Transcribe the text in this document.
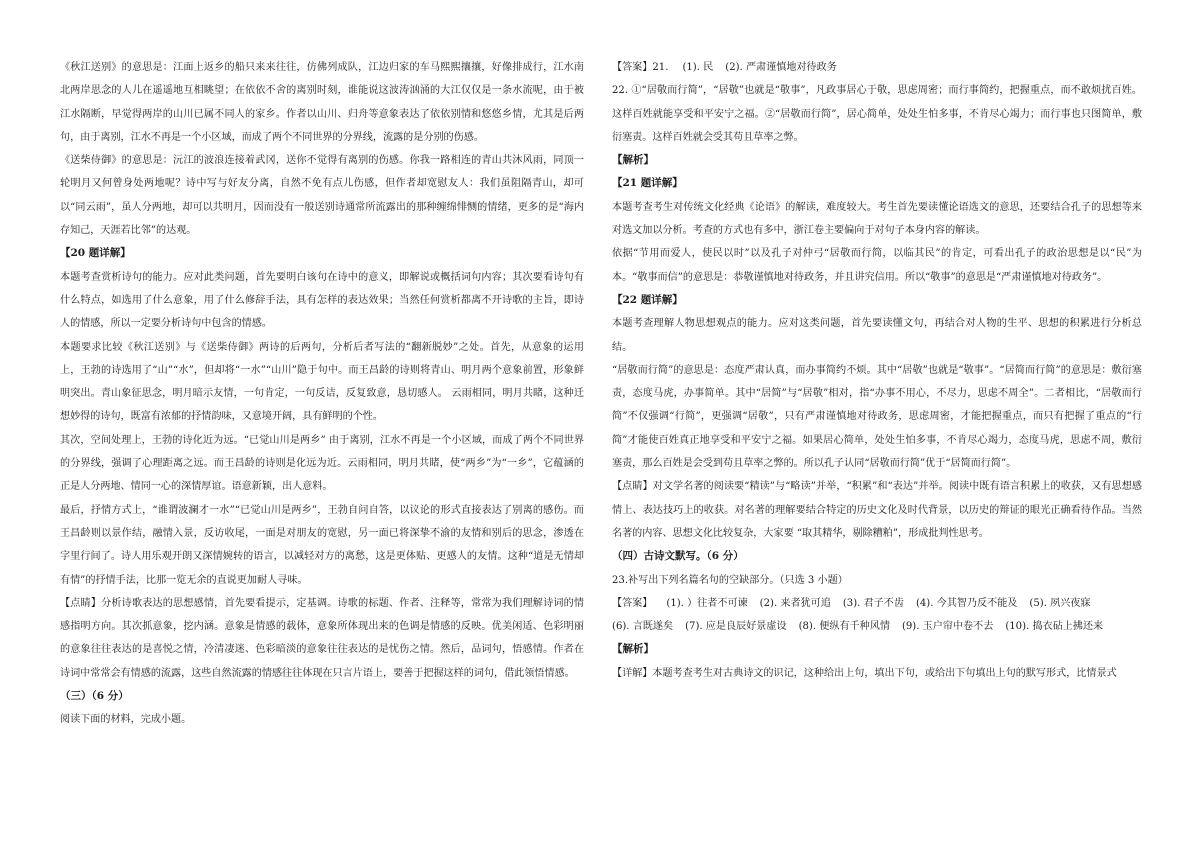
《秋江送别》的意思是：江面上返乡的船只来来往往，仿佛列成队，江边归家的车马熙熙攘攘，好像排成行，江水南北两岸思念的人儿在遥遥地互相眺望；在依依不舍的离别时刻，谁能说这波涛汹涌的大江仅仅是一条水流呢，由于被江水隔断，早觉得两岸的山川已属不同人的家乡。作者以山川、归舟等意象表达了依依别情和悠悠乡情，尤其是后两句，由于离别，江水不再是一个小区域，而成了两个不同世界的分界线，流露的是分别的伤感。
《送柴侍御》的意思是：沅江的波浪连接着武冈，送你不觉得有离别的伤感。你我一路相连的青山共沐风雨，同顶一轮明月又何曾身处两地呢？诗中写与好友分离，自然不免有点儿伤感，但作者却宽慰友人：我们虽阻隔青山，却可以“同云雨”，虽人分两地，却可以共明月，因而没有一般送别诗通常所流露出的那种缠绵悱恻的情绪，更多的是“海内存知己，天涯若比邻”的达观。
【20 题详解】
本题考查赏析诗句的能力。应对此类问题，首先要明白该句在诗中的意义，即解说或概括词句内容；其次要看诗句有什么特点，如选用了什么意象，用了什么修辞手法，具有怎样的表达效果；当然任何赏析都离不开诗歌的主旨，即诗人的情感，所以一定要分析诗句中包含的情感。
本题要求比较《秋江送别》与《送柴侍御》两诗的后两句，分析后者写法的“翻新脱妙”之处。首先，从意象的运用上，王勃的诗选用了“山”“水”，但却将“一水”“山川”隐于句中。而王昌龄的诗则将青山、明月两个意象前置，形象鲜明突出。青山象征思念，明月暗示友情，一句肯定，一句反诘，反复致意，恳切感人。 云雨相同，明月共睹，这种迁想妙得的诗句，既富有浓郁的抒情韵味，又意境开阔，具有鲜明的个性。
其次，空间处理上，王勃的诗化近为远。“已觉山川是两乡” 由于离别，江水不再是一个小区域，而成了两个不同世界的分界线，强调了心理距离之远。而王昌龄的诗则是化远为近。云雨相同，明月共睹，使“两乡”为“一乡”，它蕴涵的正是人分两地、情同一心的深情厚谊。语意新颖，出人意料。
最后，抒情方式上，“谁谓波澜才一水”“已觉山川是两乡”，王勃自问自答，以议论的形式直接表达了别离的感伤。而王昌龄则以景作结，融情入景，反访收尾，一面是对朋友的宽慰，另一面已将深挚不渝的友情和别后的思念，渗透在字里行间了。诗人用乐观开朗又深情婉转的语言，以减轻对方的离愁，这是更体贴、更感人的友情。这种“道是无情却有情”的抒情手法，比那一览无余的直说更加耐人寻味。
【点睛】分析诗歌表达的思想感情，首先要看提示，定基调。诗歌的标题、作者、注释等，常常为我们理解诗词的情感指明方向。其次抓意象，挖内涵。意象是情感的载体，意象所体现出来的色调是情感的反映。优美闲适、色彩明丽的意象往往表达的是喜悦之情，冷清凄迷、色彩暗淡的意象往往表达的是忧伤之情。然后，品词句，悟感情。作者在诗词中常常会有情感的流露，这些自然流露的情感往往体现在只言片语上，要善于把握这样的词句，借此领悟情感。
（三）（6 分）
阅读下面的材料，完成小题。
【答案】21. (1). 民 (2). 严肃谨慎地对待政务
22. ①“居敬而行简”，“居敬”也就是“敬事”，凡政事居心于敬，思虑周密；而行事简约，把握重点，而不敢烦扰百姓。这样百姓就能享受和平安宁之福。②“居敬而行简”，居心简单，处处生怕多事，不肯尽心竭力；而行事也只图简单，敷衍塞责。这样百姓就会受其苟且草率之弊。
【解析】
【21 题详解】
本题考查考生对传统文化经典《论语》的解读，难度较大。考生首先要读懂论语选文的意思，还要结合孔子的思想等来对选文加以分析。考查的方式也有多中，浙江卷主要偏向于对句子本身内容的解读。
依据“节用而爱人，使民以时”以及孔子对仲弓“居敬而行简，以临其民”的肯定，可看出孔子的政治思想是以“民”为本。“敬事而信”的意思是：恭敬谨慎地对待政务，并且讲究信用。所以“敬事”的意思是“严肃谨慎地对待政务”。
【22 题详解】
本题考查理解人物思想观点的能力。应对这类问题，首先要读懂文句，再结合对人物的生平、思想的积累进行分析总结。
“居敬而行简”的意思是：态度严肃认真，而办事简约不烦。其中“居敬”也就是“敬事”。“居简而行简”的意思是：敷衍塞责，态度马虎，办事简单。其中“居简”与“居敬”相对，指“办事不用心，不尽力，思虑不周全”。二者相比，“居敬而行简”不仅强调“行简”，更强调“居敬”，只有严肃谨慎地对待政务，思虑周密，才能把握重点，而只有把握了重点的“行简”才能使百姓真正地享受和平安宁之福。如果居心简单，处处生怕多事，不肯尽心竭力，态度马虎，思虑不周，敷衍塞责，那么百姓是会受到苟且草率之弊的。所以孔子认同“居敬而行简”优于“居简而行简”。
【点睛】对文学名著的阅读要“精读”与“略读”并举，“积累”和“表达”并举。阅读中既有语言积累上的收获，又有思想感情上、表达技巧上的收获。对名著的理解要结合特定的历史文化及时代背景，以历史的辩证的眼光正确看待作品。当然名著的内容、思想文化比较复杂，大家要 “取其精华，剔除糟粕”，形成批判性思考。
（四）古诗文默写。（6 分）
23.补写出下列名篇名句的空缺部分。（只选 3 小题）
【答案】 (1). ）往者不可谏 (2). 来者犹可追 (3). 君子不齿 (4). 今其智乃反不能及 (5). 夙兴夜寐(6). 言既遂矣 (7). 应是良辰好景虚设 (8). 便纵有千种风情 (9). 玉户帘中卷不去 (10). 捣衣砧上拂还来
【解析】
【详解】本题考查考生对古典诗文的识记，这种给出上句，填出下句，或给出下句填出上句的默写形式，比情景式
